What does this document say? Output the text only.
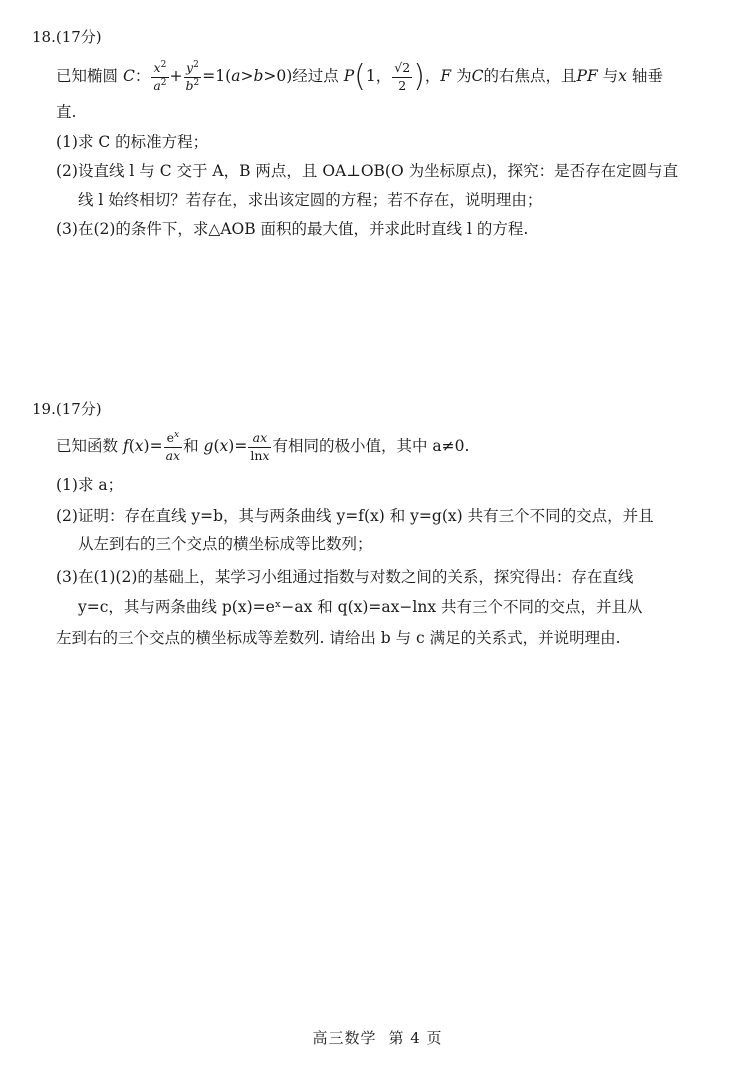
18.(17分)
已知椭圆 C： $\frac{x^2}{a^2} + \frac{y^2}{b^2} =1(a>b>0)$经过点 P(1， $\frac{√2}{2}$ )，F 为C的右焦点，且PF 与x 轴垂
直.
(1)求 C 的标准方程；
(2)设直线 l 与 C 交于 A，B 两点，且 OA⊥OB(O 为坐标原点)，探究：是否存在定圆与直
线 l 始终相切？若存在，求出该定圆的方程；若不存在，说明理由；
(3)在(2)的条件下，求△AOB 面积的最大值，并求此时直线 l 的方程.
19.(17分)
已知函数 $f(x)= \frac{e^x}{ax}$ 和 $g(x)= \frac{ax}{\ln x}$ 有相同的极小值，其中 a≠0.
(1)求 a；
(2)证明：存在直线 y=b，其与两条曲线 y=f(x) 和 y=g(x) 共有三个不同的交点，并且
从左到右的三个交点的横坐标成等比数列；
(3)在(1)(2)的基础上，某学习小组通过指数与对数之间的关系，探究得出：存在直线
y=c，其与两条曲线 p(x)=eˣ−ax 和 q(x)=ax−lnx 共有三个不同的交点，并且从
左到右的三个交点的横坐标成等差数列. 请给出 b 与 c 满足的关系式，并说明理由.
高三数学 第 4 页
